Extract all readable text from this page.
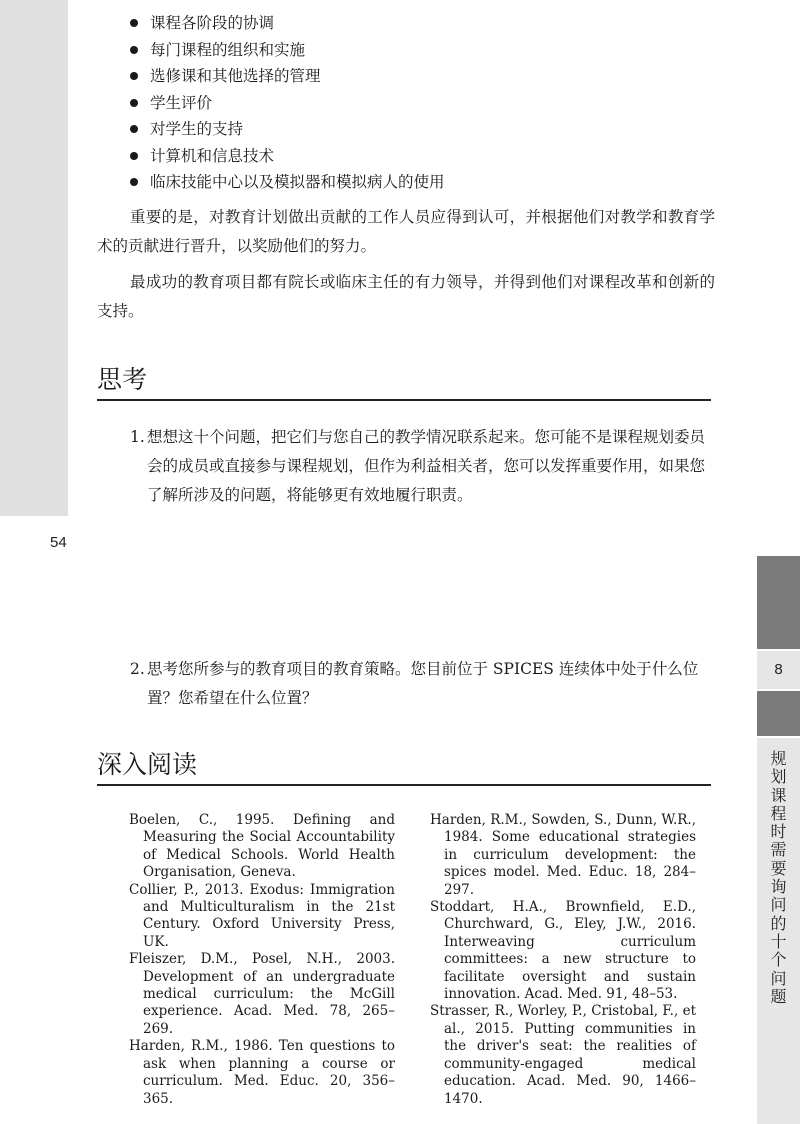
课程各阶段的协调
每门课程的组织和实施
选修课和其他选择的管理
学生评价
对学生的支持
计算机和信息技术
临床技能中心以及模拟器和模拟病人的使用

重要的是，对教育计划做出贡献的工作人员应得到认可，并根据他们对教学和教育学术的贡献进行晋升，以奖励他们的努力。

最成功的教育项目都有院长或临床主任的有力领导，并得到他们对课程改革和创新的支持。

思考
1. 想想这十个问题，把它们与您自己的教学情况联系起来。您可能不是课程规划委员会的成员或直接参与课程规划，但作为利益相关者，您可以发挥重要作用，如果您了解所涉及的问题，将能够更有效地履行职责。
54
2. 思考您所参与的教育项目的教育策略。您目前位于 SPICES 连续体中处于什么位置？您希望在什么位置？
深入阅读
Boelen, C., 1995. Defining and Measuring the Social Accountability of Medical Schools. World Health Organisation, Geneva.
Collier, P., 2013. Exodus: Immigration and Multiculturalism in the 21st Century. Oxford University Press, UK.
Fleiszer, D.M., Posel, N.H., 2003. Development of an undergraduate medical curriculum: the McGill experience. Acad. Med. 78, 265–269.
Harden, R.M., 1986. Ten questions to ask when planning a course or curriculum. Med. Educ. 20, 356–365.
Harden, R.M., Sowden, S., Dunn, W.R., 1984. Some educational strategies in curriculum development: the spices model. Med. Educ. 18, 284–297.
Stoddart, H.A., Brownfield, E.D., Churchward, G., Eley, J.W., 2016. Interweaving curriculum committees: a new structure to facilitate oversight and sustain innovation. Acad. Med. 91, 48–53.
Strasser, R., Worley, P., Cristobal, F., et al., 2015. Putting communities in the driver's seat: the realities of community-engaged medical education. Acad. Med. 90, 1466–1470.
8
规
划
课
程
时
需
要
询
问
的
十
个
问
题
